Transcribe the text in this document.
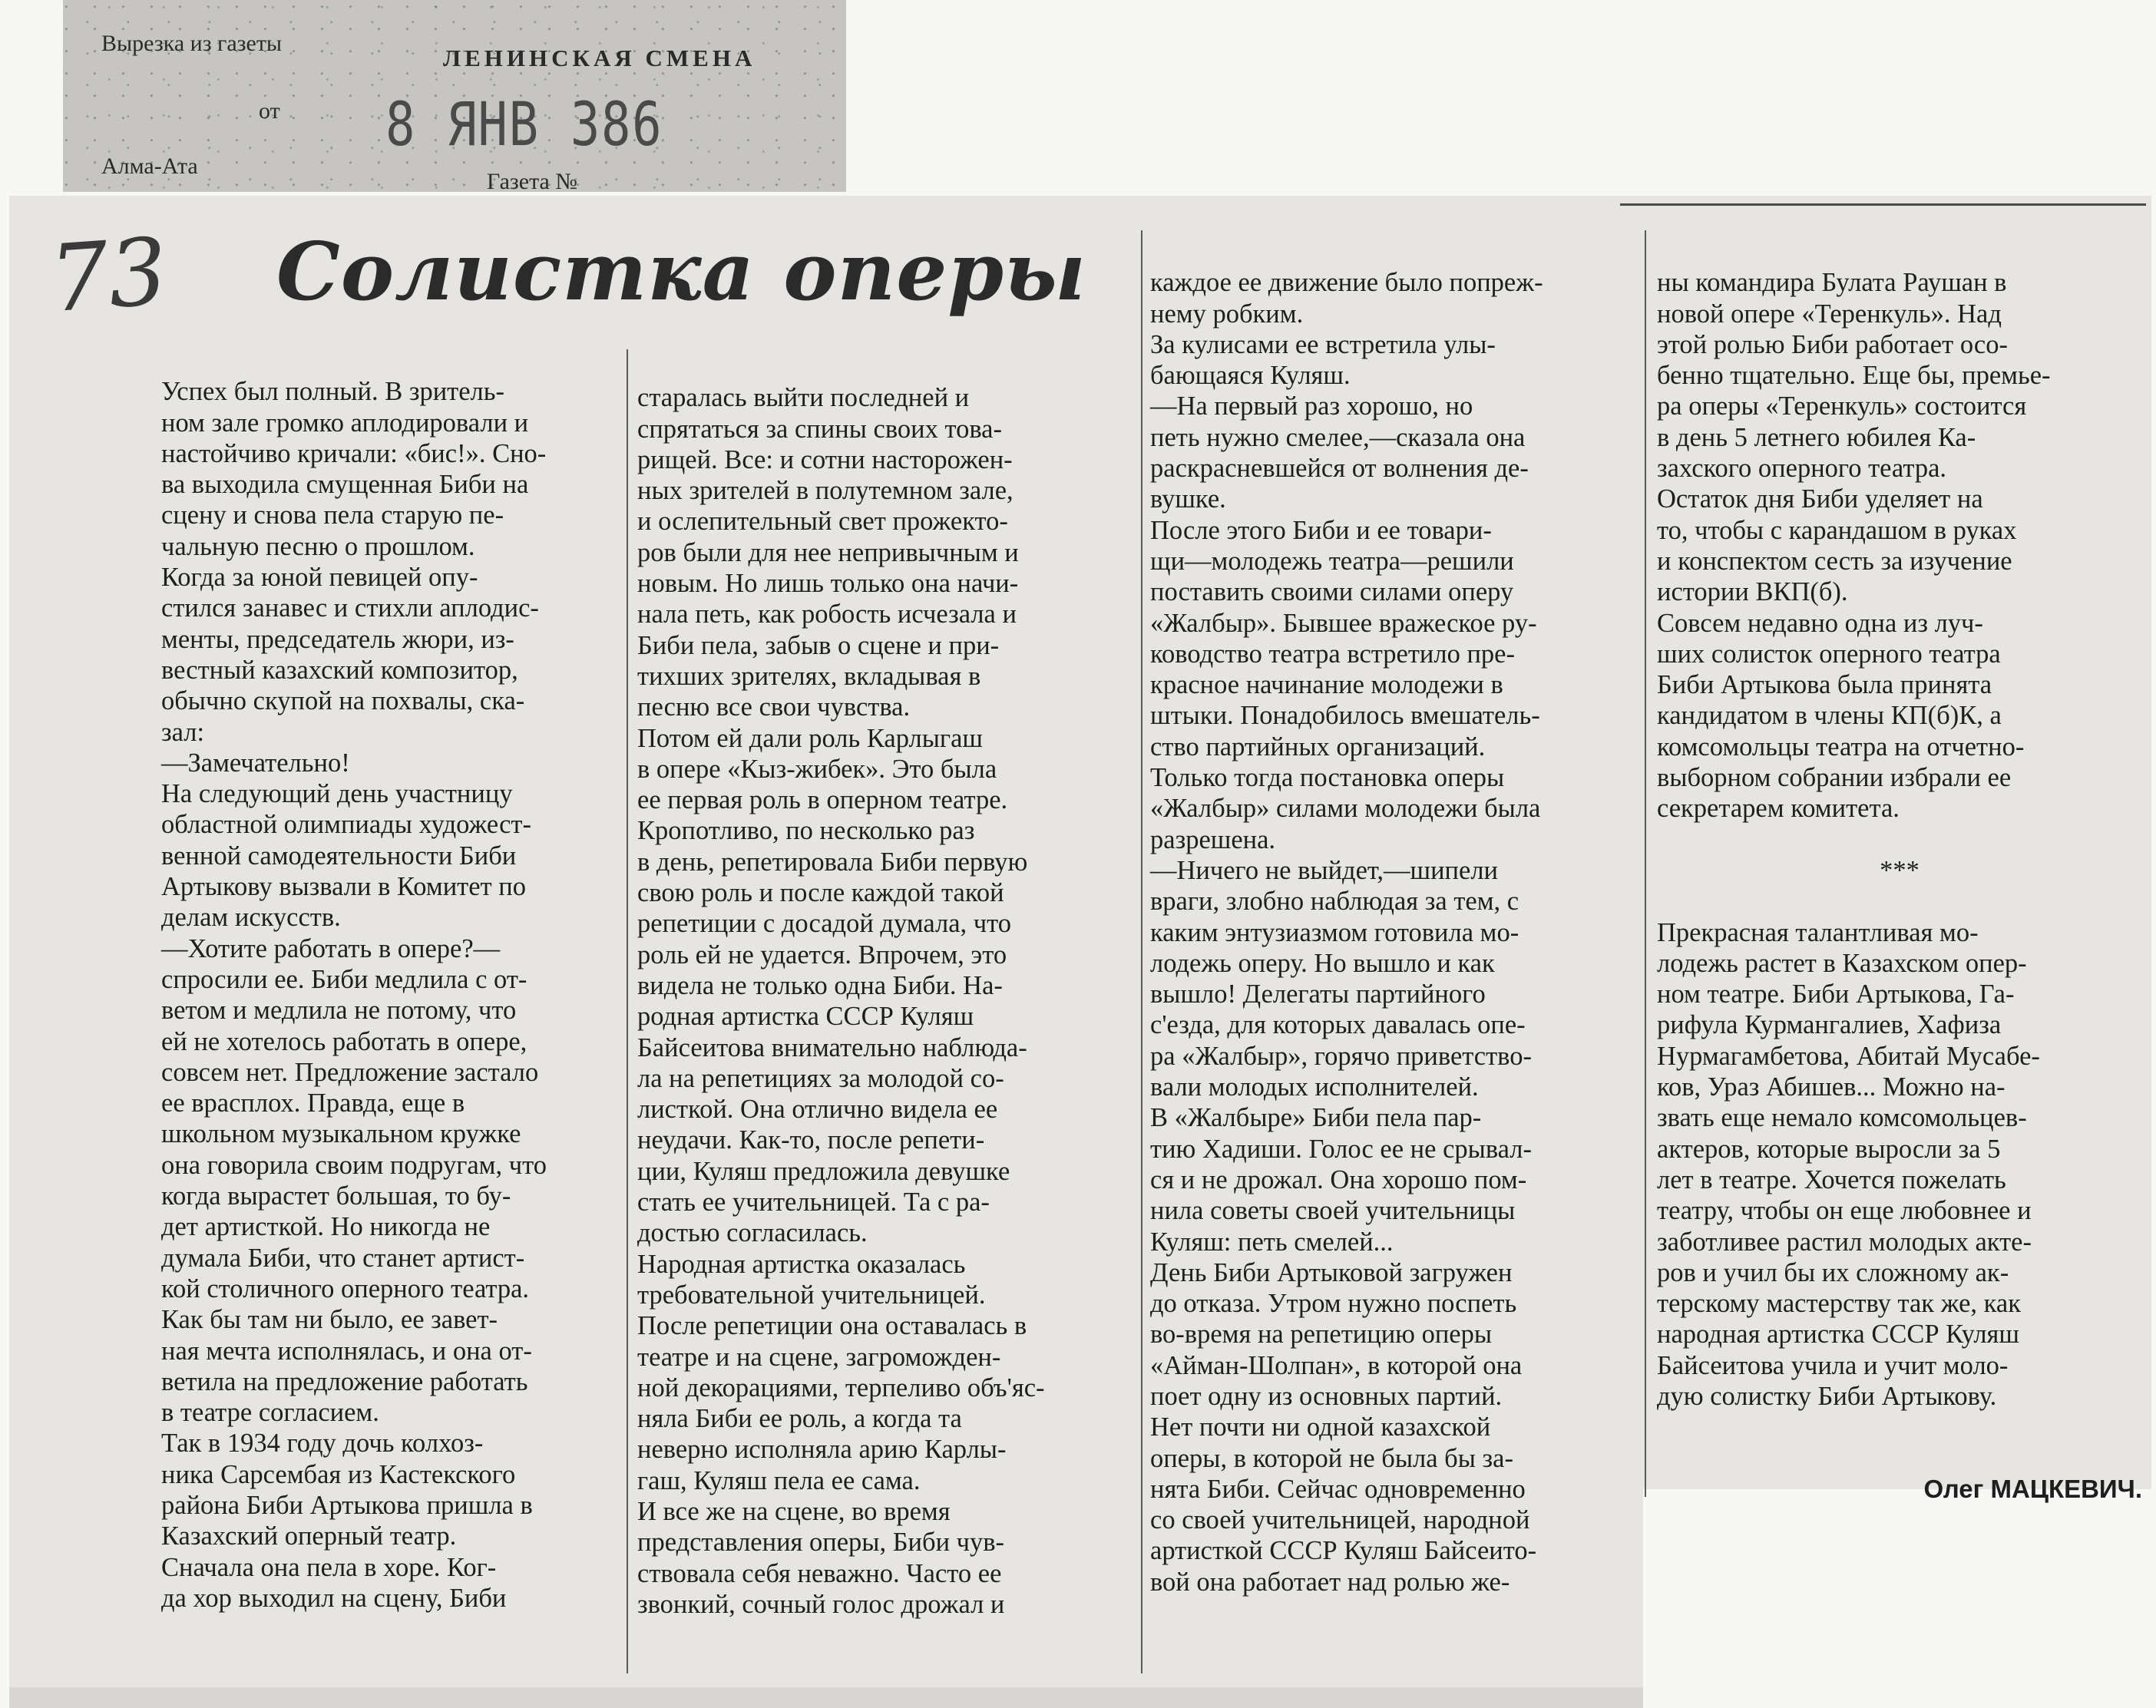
Вырезка из газеты
ЛЕНИНСКАЯ СМЕНА
от 8 ЯНВ 386
Алма-Ата
Газета №
73 Солистка оперы

Успех был полный. В зритель-
ном зале громко аплодировали и
настойчиво кричали: «бис!». Сно-
ва выходила смущенная Биби на
сцену и снова пела старую пе-
чальную песню о прошлом.
Когда за юной певицей опу-
стился занавес и стихли аплодис-
менты, председатель жюри, из-
вестный казахский композитор,
обычно скупой на похвалы, ска-
зал:
—Замечательно!
На следующий день участницу
областной олимпиады художест-
венной самодеятельности Биби
Артыкову вызвали в Комитет по
делам искусств.
—Хотите работать в опере?—
спросили ее. Биби медлила с от-
ветом и медлила не потому, что
ей не хотелось работать в опере,
совсем нет. Предложение застало
ее врасплох. Правда, еще в
школьном музыкальном кружке
она говорила своим подругам, что
когда вырастет большая, то бу-
дет артисткой. Но никогда не
думала Биби, что станет артист-
кой столичного оперного театра.
Как бы там ни было, ее завет-
ная мечта исполнялась, и она от-
ветила на предложение работать
в театре согласием.
Так в 1934 году дочь колхоз-
ника Сарсембая из Кастекского
района Биби Артыкова пришла в
Казахский оперный театр.
Сначала она пела в хоре. Ког-
да хор выходил на сцену, Биби

старалась выйти последней и
спрятаться за спины своих това-
рищей. Все: и сотни насторожен-
ных зрителей в полутемном зале,
и ослепительный свет прожекто-
ров были для нее непривычным и
новым. Но лишь только она начи-
нала петь, как робость исчезала и
Биби пела, забыв о сцене и при-
тихших зрителях, вкладывая в
песню все свои чувства.
Потом ей дали роль Карлыгаш
в опере «Кыз-жибек». Это была
ее первая роль в оперном театре.
Кропотливо, по несколько раз
в день, репетировала Биби первую
свою роль и после каждой такой
репетиции с досадой думала, что
роль ей не удается. Впрочем, это
видела не только одна Биби. На-
родная артистка СССР Куляш
Байсеитова внимательно наблюда-
ла на репетициях за молодой со-
листкой. Она отлично видела ее
неудачи. Как-то, после репети-
ции, Куляш предложила девушке
стать ее учительницей. Та с ра-
достью согласилась.
Народная артистка оказалась
требовательной учительницей.
После репетиции она оставалась в
театре и на сцене, загроможден-
ной декорациями, терпеливо объ'яс-
няла Биби ее роль, а когда та
неверно исполняла арию Карлы-
гаш, Куляш пела ее сама.
И все же на сцене, во время
представления оперы, Биби чув-
ствовала себя неважно. Часто ее
звонкий, сочный голос дрожал и

каждое ее движение было попреж-
нему робким.
За кулисами ее встретила улы-
бающаяся Куляш.
—На первый раз хорошо, но
петь нужно смелее,—сказала она
раскрасневшейся от волнения де-
вушке.
После этого Биби и ее товари-
щи—молодежь театра—решили
поставить своими силами оперу
«Жалбыр». Бывшее вражеское ру-
ководство театра встретило пре-
красное начинание молодежи в
штыки. Понадобилось вмешатель-
ство партийных организаций.
Только тогда постановка оперы
«Жалбыр» силами молодежи была
разрешена.
—Ничего не выйдет,—шипели
враги, злобно наблюдая за тем, с
каким энтузиазмом готовила мо-
лодежь оперу. Но вышло и как
вышло! Делегаты партийного
с'езда, для которых давалась опе-
ра «Жалбыр», горячо приветство-
вали молодых исполнителей.
В «Жалбыре» Биби пела пар-
тию Хадиши. Голос ее не срывал-
ся и не дрожал. Она хорошо пом-
нила советы своей учительницы
Куляш: петь смелей...
День Биби Артыковой загружен
до отказа. Утром нужно поспеть
во-время на репетицию оперы
«Айман-Шолпан», в которой она
поет одну из основных партий.
Нет почти ни одной казахской
оперы, в которой не была бы за-
нята Биби. Сейчас одновременно
со своей учительницей, народной
артисткой СССР Куляш Байсеито-
вой она работает над ролью же-

ны командира Булата Раушан в
новой опере «Теренкуль». Над
этой ролью Биби работает осо-
бенно тщательно. Еще бы, премье-
ра оперы «Теренкуль» состоится
в день 5 летнего юбилея Ка-
захского оперного театра.
Остаток дня Биби уделяет на
то, чтобы с карандашом в руках
и конспектом сесть за изучение
истории ВКП(б).
Совсем недавно одна из луч-
ших солисток оперного театра
Биби Артыкова была принята
кандидатом в члены КП(б)К, а
комсомольцы театра на отчетно-
выборном собрании избрали ее
секретарем комитета.

***

Прекрасная талантливая мо-
лодежь растет в Казахском опер-
ном театре. Биби Артыкова, Га-
рифула Курмангалиев, Хафиза
Нурмагамбетова, Абитай Мусабе-
ков, Ураз Абишев... Можно на-
звать еще немало комсомольцев-
актеров, которые выросли за 5
лет в театре. Хочется пожелать
театру, чтобы он еще любовнее и
заботливее растил молодых акте-
ров и учил бы их сложному ак-
терскому мастерству так же, как
народная артистка СССР Куляш
Байсеитова учила и учит моло-
дую солистку Биби Артыкову.

Олег МАЦКЕВИЧ.
